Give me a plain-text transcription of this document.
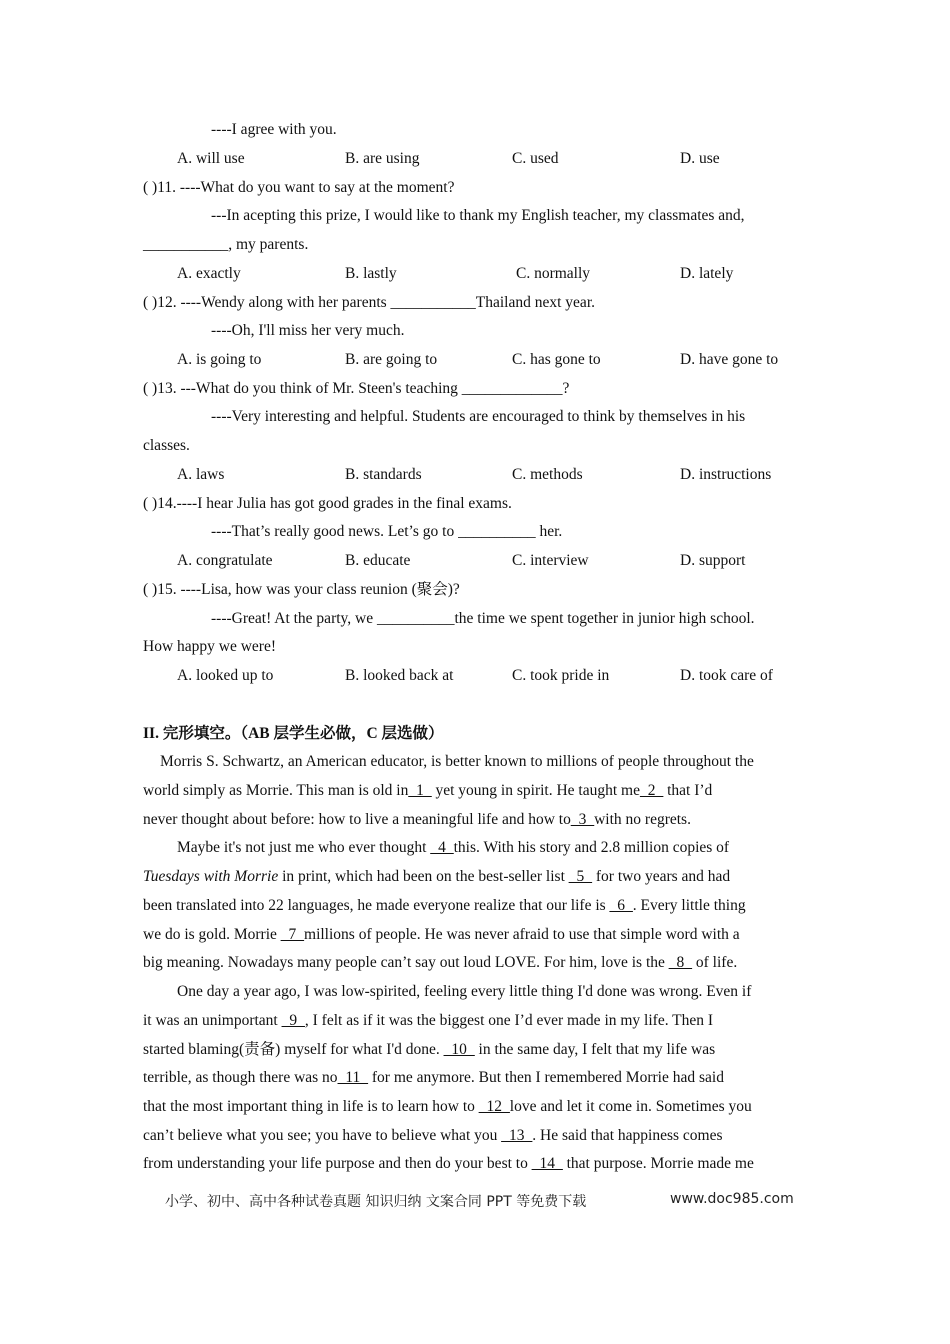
----I agree with you.
A. will use	B. are using	C. used	D. use
( )11. ----What do you want to say at the moment?
---In acepting this prize, I would like to thank my English teacher, my classmates and,
___________, my parents.
A. exactly	B. lastly	C. normally	D. lately
( )12. ----Wendy along with her parents ___________Thailand next year.
----Oh, I'll miss her very much.
A. is going to	B. are going to	C. has gone to	D. have gone to
( )13. ---What do you think of Mr. Steen's teaching _____________?
----Very interesting and helpful. Students are encouraged to think by themselves in his
classes.
A. laws	B. standards	C. methods	D. instructions
( )14.----I hear Julia has got good grades in the final exams.
----That’s really good news. Let’s go to __________ her.
A. congratulate	B. educate	C. interview	D. support
( )15. ----Lisa, how was your class reunion (聚会)?
----Great! At the party, we __________the time we spent together in junior high school.
How happy we were!
A. looked up to	B. looked back at	C. took pride in	D. took care of
II. 完形填空。（AB 层学生必做，C 层选做）
Morris S. Schwartz, an American educator, is better known to millions of people throughout the
world simply as Morrie. This man is old in_1_ yet young in spirit. He taught me_2_ that I’d
never thought about before: how to live a meaningful life and how to_3_with no regrets.
Maybe it's not just me who ever thought _4_this. With his story and 2.8 million copies of
Tuesdays with Morrie in print, which had been on the best-seller list _5_ for two years and had
been translated into 22 languages, he made everyone realize that our life is _6_. Every little thing
we do is gold. Morrie _7_millions of people. He was never afraid to use that simple word with a
big meaning. Nowadays many people can’t say out loud LOVE. For him, love is the _8_ of life.
One day a year ago, I was low-spirited, feeling every little thing I'd done was wrong. Even if
it was an unimportant _9_, I felt as if it was the biggest one I’d ever made in my life. Then I
started blaming(责备) myself for what I'd done. _10_ in the same day, I felt that my life was
terrible, as though there was no_11_ for me anymore. But then I remembered Morrie had said
that the most important thing in life is to learn how to _12_love and let it come in. Sometimes you
can’t believe what you see; you have to believe what you _13_. He said that happiness comes
from understanding your life purpose and then do your best to _14_ that purpose. Morrie made me
小学、初中、高中各种试卷真题 知识归纳 文案合同 PPT 等免费下载	www.doc985.com
